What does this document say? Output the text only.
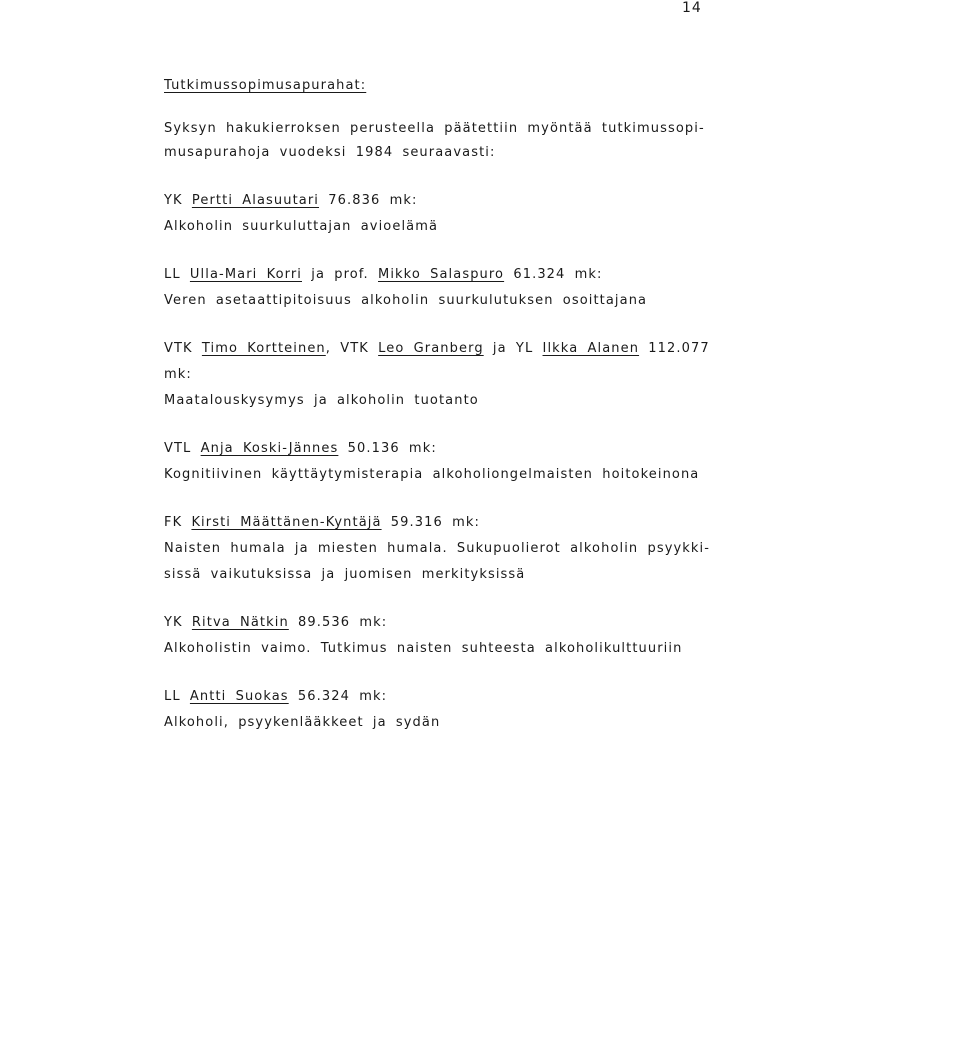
14
Tutkimussopimusapurahat:
Syksyn hakukierroksen perusteella päätettiin myöntää tutkimussopi-
musapurahoja vuodeksi 1984 seuraavasti:
YK Pertti Alasuutari 76.836 mk:
Alkoholin suurkuluttajan avioelämä
LL Ulla-Mari Korri ja prof. Mikko Salaspuro 61.324 mk:
Veren asetaattipitoisuus alkoholin suurkulutuksen osoittajana
VTK Timo Kortteinen, VTK Leo Granberg ja YL Ilkka Alanen 112.077
mk:
Maatalouskysymys ja alkoholin tuotanto
VTL Anja Koski-Jännes 50.136 mk:
Kognitiivinen käyttäytymisterapia alkoholiongelmaisten hoitokeinona
FK Kirsti Määttänen-Kyntäjä 59.316 mk:
Naisten humala ja miesten humala. Sukupuolierot alkoholin psyykki-
sissä vaikutuksissa ja juomisen merkityksissä
YK Ritva Nätkin 89.536 mk:
Alkoholistin vaimo. Tutkimus naisten suhteesta alkoholikulttuuriin
LL Antti Suokas 56.324 mk:
Alkoholi, psyykenlääkkeet ja sydän
